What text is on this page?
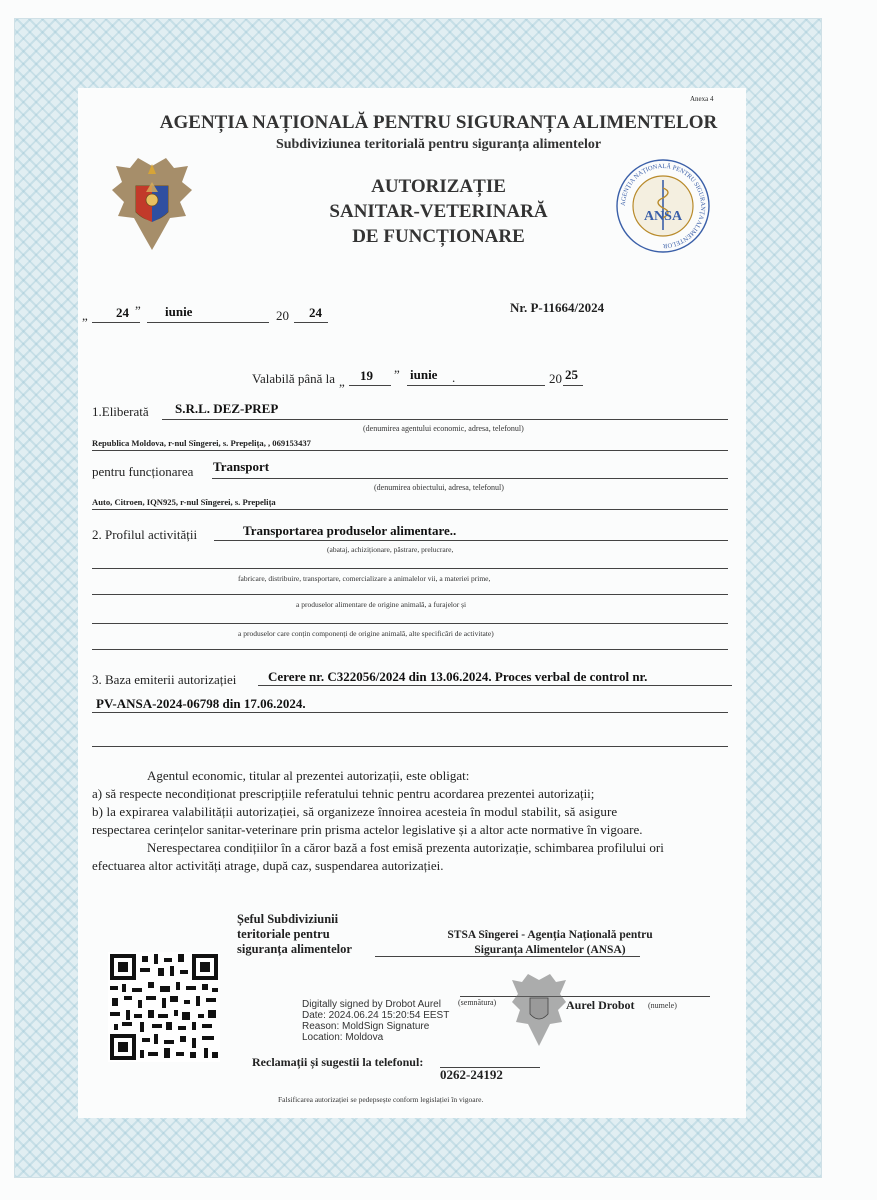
Anexa 4
AGENȚIA NAȚIONALĂ PENTRU SIGURANȚA ALIMENTELOR
Subdiviziunea teritorială pentru siguranța alimentelor
AUTORIZAȚIE
SANITAR-VETERINARĂ
DE FUNCȚIONARE
AGENȚIA NAȚIONALĂ PENTRU SIGURANȚA ALIMENTELOR
ANSA
„ 24 ” iunie	20 24	Nr. P-11664/2024
Valabilă până la „ 19 ” iunie .	20 25
1.Eliberată S.R.L. DEZ-PREP
(denumirea agentului economic, adresa, telefonul)
Republica Moldova, r-nul Sîngerei, s. Prepelița, , 069153437
pentru funcționarea Transport
(denumirea obiectului, adresa, telefonul)
Auto, Citroen, IQN925, r-nul Sîngerei, s. Prepelița
2. Profilul activității	Transportarea produselor alimentare..
(abataj, achiziționare, păstrare, prelucrare,
fabricare, distribuire, transportare, comercializare a animalelor vii, a materiei prime,
a produselor alimentare de origine animală, a furajelor și
a produselor care conțin componenți de origine animală, alte specificări de activitate)
3. Baza emiterii autorizației Cerere nr. C322056/2024 din 13.06.2024. Proces verbal de control nr.
PV-ANSA-2024-06798 din 17.06.2024.
Agentul economic, titular al prezentei autorizații, este obligat:
a) să respecte necondiționat prescripțiile referatului tehnic pentru acordarea prezentei autorizații;
b) la expirarea valabilității autorizației, să organizeze înnoirea acesteia în modul stabilit, să asigure
respectarea cerințelor sanitar-veterinare prin prisma actelor legislative și a altor acte normative în vigoare.
Nerespectarea condițiilor în a căror bază a fost emisă prezenta autorizație, schimbarea profilului ori
efectuarea altor activități atrage, după caz, suspendarea autorizației.
Șeful Subdiviziunii
teritoriale pentru
siguranța alimentelor
STSA Sîngerei - Agenția Națională pentru
Siguranța Alimentelor (ANSA)
Digitally signed by Drobot Aurel
Date: 2024.06.24 15:20:54 EEST
Reason: MoldSign Signature
Location: Moldova
(semnătura)	Aurel Drobot (numele)
Reclamații și sugestii la telefonul:
0262-24192
Falsificarea autorizației se pedepsește conform legislației în vigoare.
